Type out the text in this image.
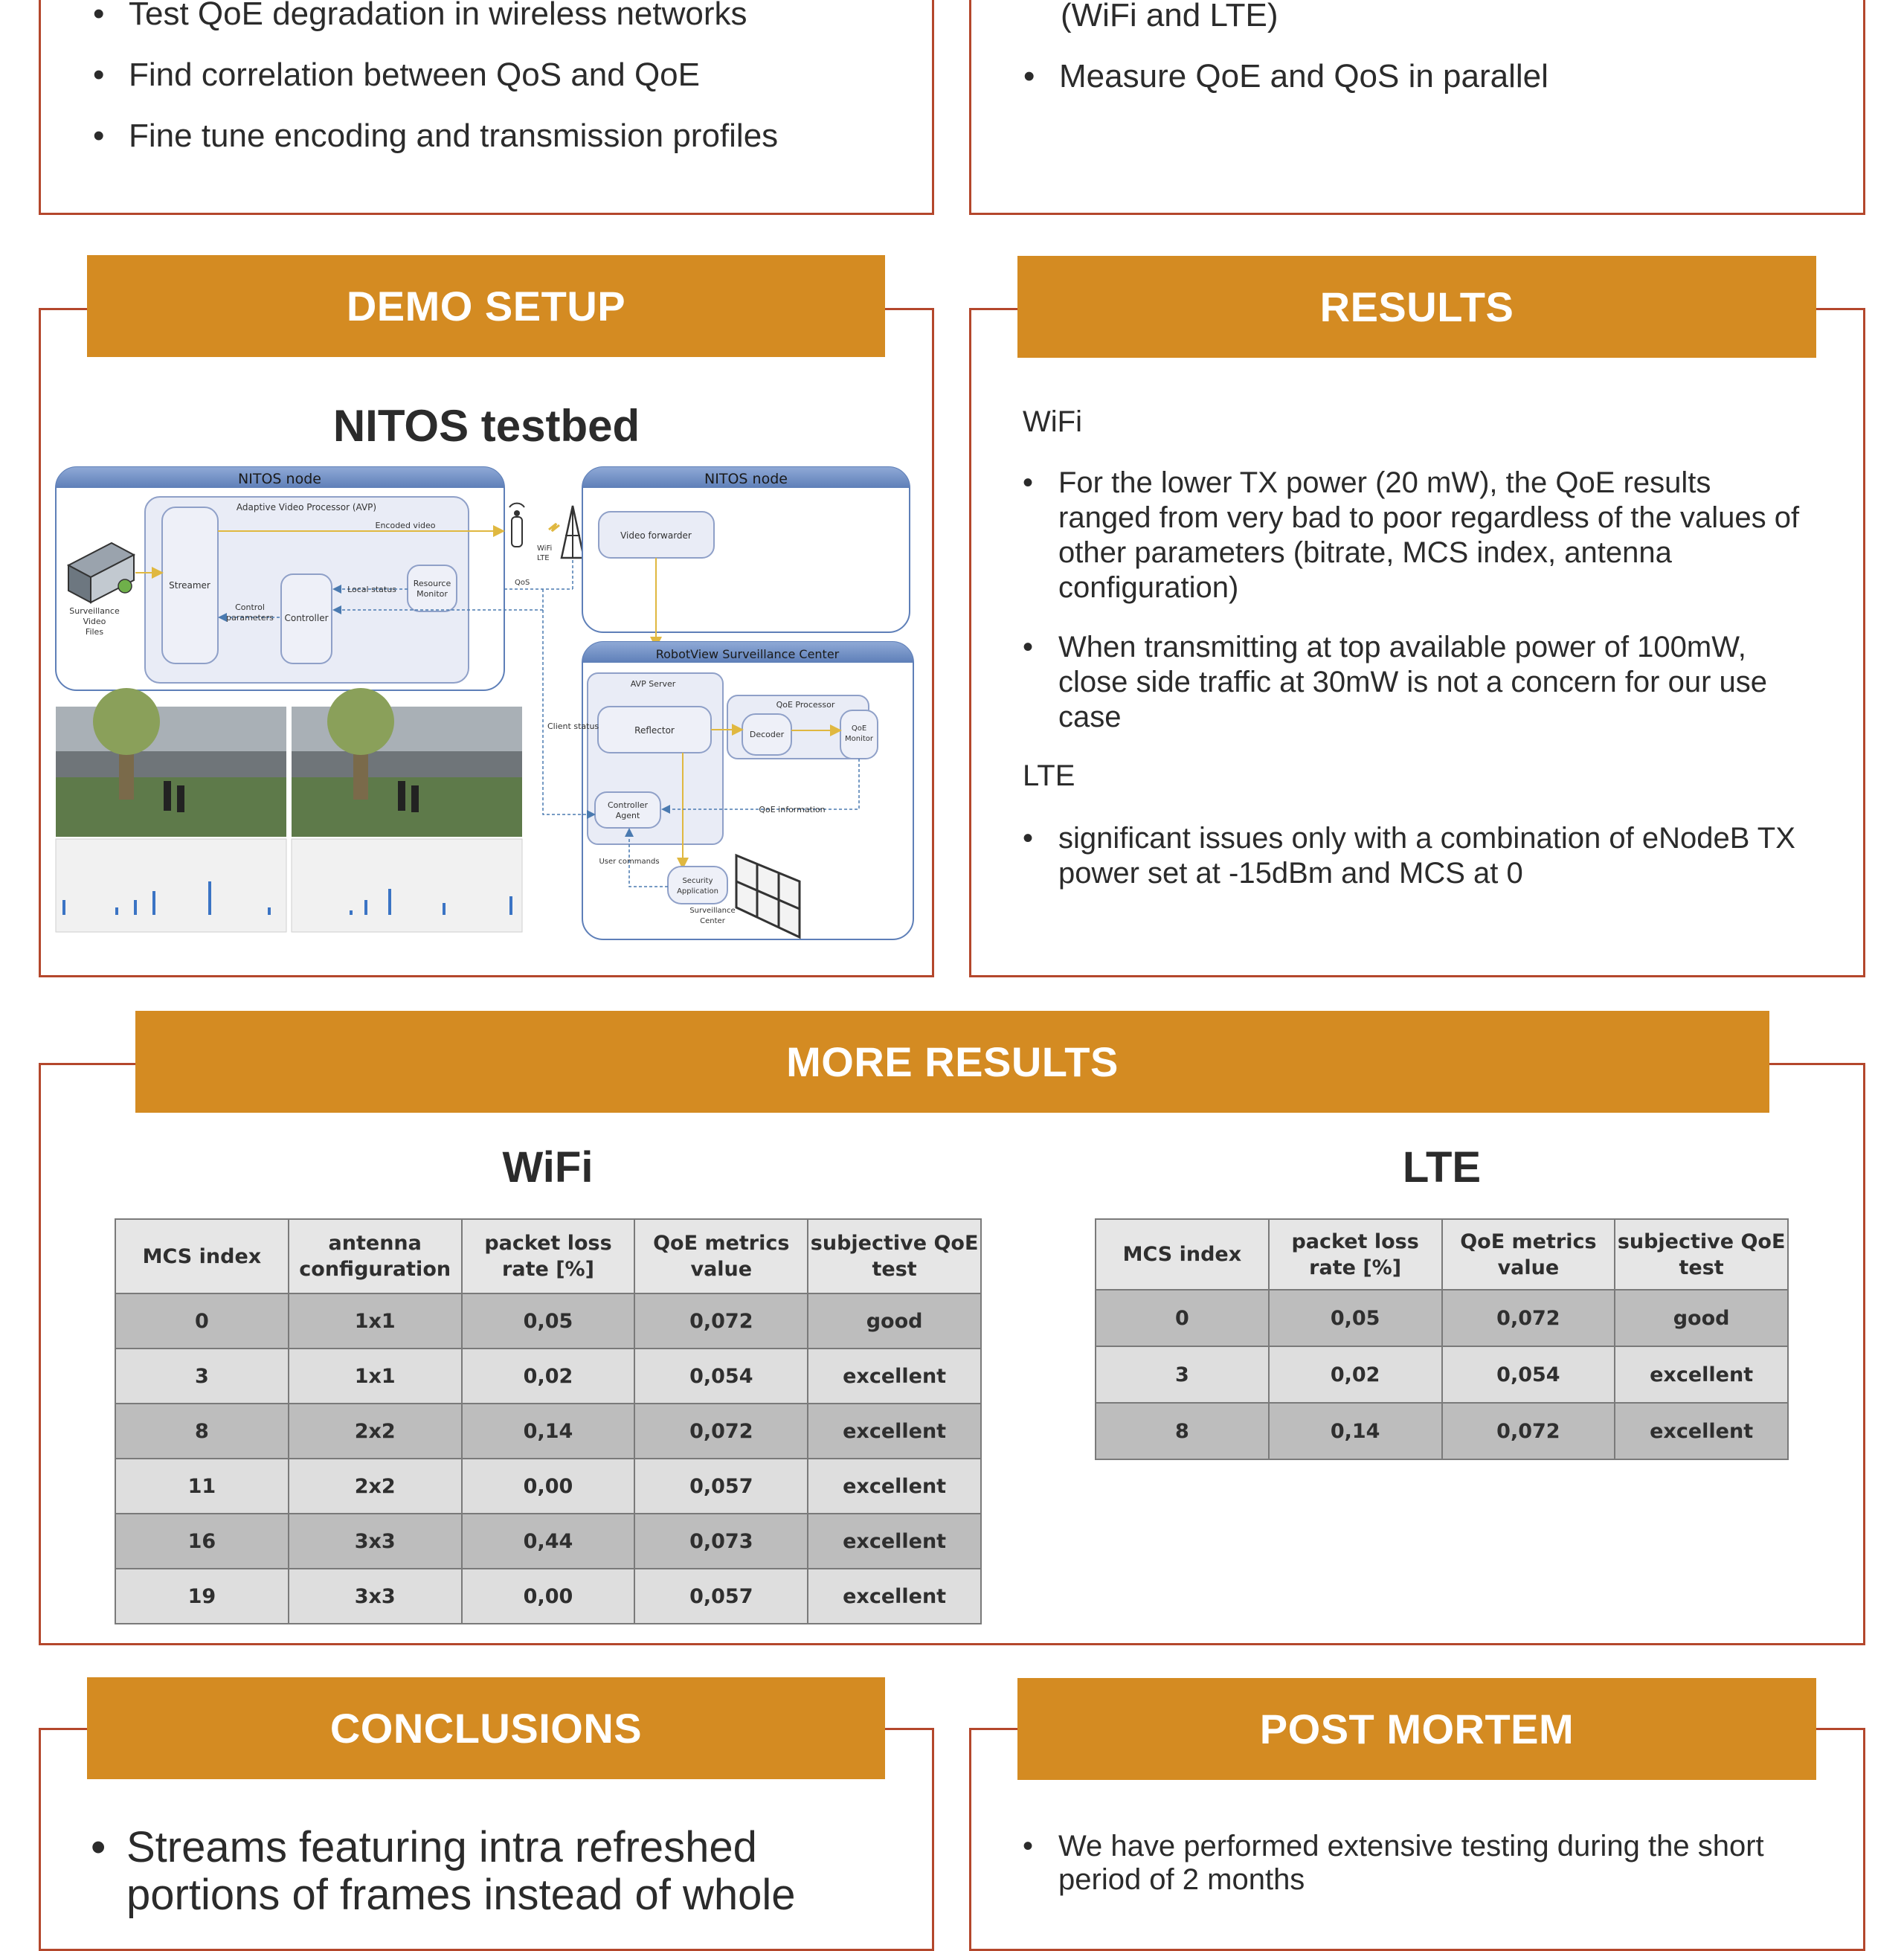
• Test QoE degradation in wireless networks
• Find correlation between QoS and QoE
• Fine tune encoding and transmission profiles
(WiFi and LTE)
• Measure QoE and QoS in parallel
DEMO SETUP
NITOS testbed
NITOS node
Adaptive Video Processor (AVP)
Streamer
Controller
Resource
Monitor
Encoded video
Local status
Control
parameters
Surveillance
Video
Files
WiFi
LTE
QoS
NITOS node
Video forwarder
RobotView Surveillance Center
AVP Server
Reflector
Controller
Agent
QoE Processor
Decoder
QoE
Monitor
QoE information
Security
Application
User commands
Surveillance
Center
Client status
RESULTS
WiFi
• For the lower TX power (20 mW), the QoE results ranged from very bad to poor regardless of the values of other parameters (bitrate, MCS index, antenna configuration)
• When transmitting at top available power of 100mW, close side traffic at 30mW is not a concern for our use case
LTE
• significant issues only with a combination of eNodeB TX power set at -15dBm and MCS at 0
MORE RESULTS
WiFi	LTE
MCS index	antenna configuration	packet loss rate [%]	QoE metrics value	subjective QoE test
0	1x1	0,05	0,072	good
3	1x1	0,02	0,054	excellent
8	2x2	0,14	0,072	excellent
11	2x2	0,00	0,057	excellent
16	3x3	0,44	0,073	excellent
19	3x3	0,00	0,057	excellent
MCS index	packet loss rate [%]	QoE metrics value	subjective QoE test
0	0,05	0,072	good
3	0,02	0,054	excellent
8	0,14	0,072	excellent
CONCLUSIONS
• Streams featuring intra refreshed portions of frames instead of whole
POST MORTEM
• We have performed extensive testing during the short period of 2 months
